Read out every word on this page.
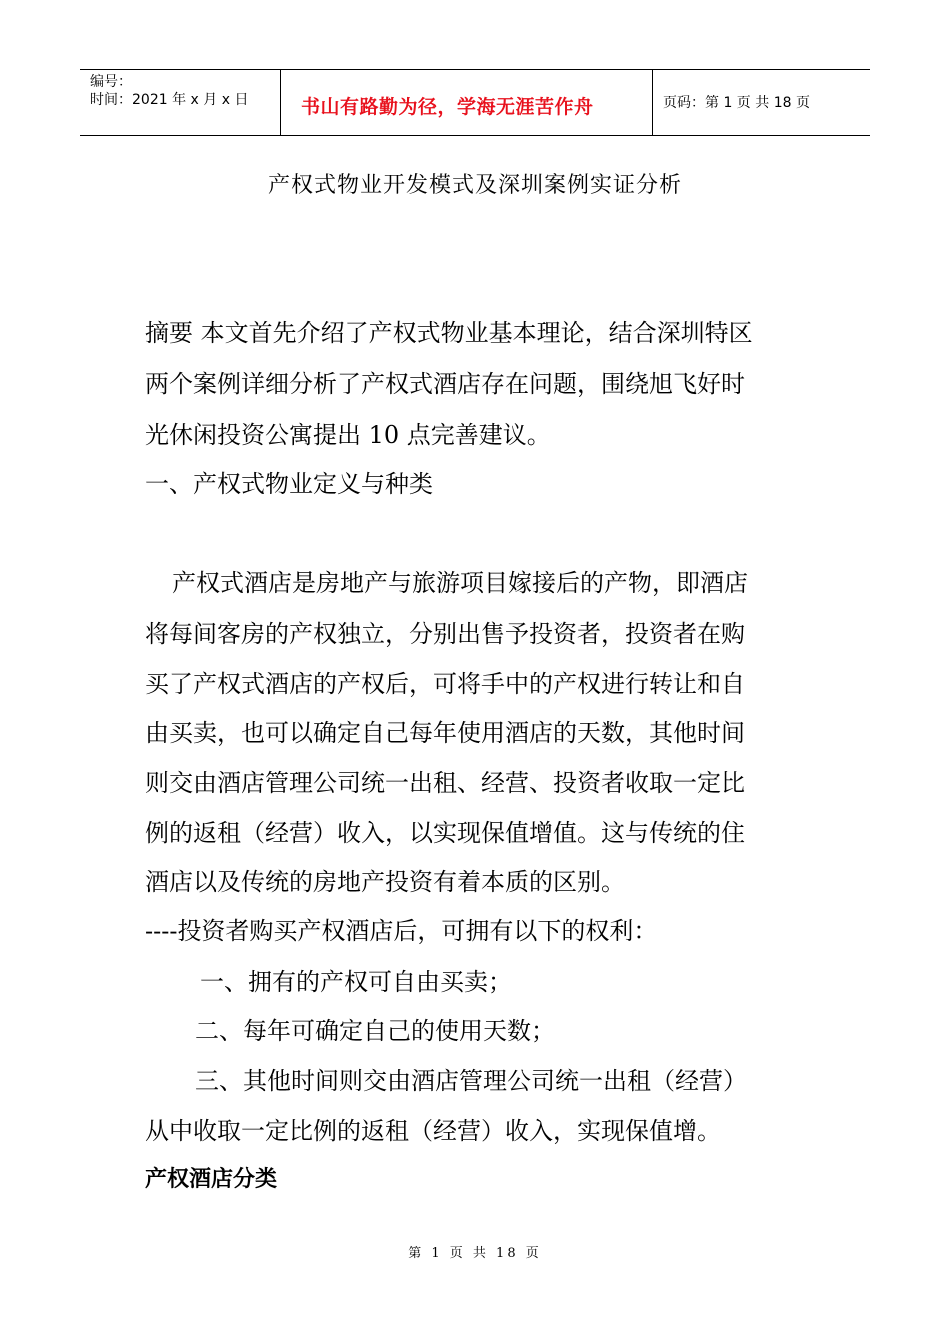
编号：
时间：2021 年 x 月 x 日	书山有路勤为径，学海无涯苦作舟	页码：第 1 页 共 18 页
产权式物业开发模式及深圳案例实证分析
摘要 本文首先介绍了产权式物业基本理论，结合深圳特区
两个案例详细分析了产权式酒店存在问题，围绕旭飞好时
光休闲投资公寓提出 10 点完善建议。
一、产权式物业定义与种类
产权式酒店是房地产与旅游项目嫁接后的产物，即酒店
将每间客房的产权独立，分别出售予投资者，投资者在购
买了产权式酒店的产权后，可将手中的产权进行转让和自
由买卖，也可以确定自己每年使用酒店的天数，其他时间
则交由酒店管理公司统一出租、经营、投资者收取一定比
例的返租（经营）收入，以实现保值增值。这与传统的住
酒店以及传统的房地产投资有着本质的区别。
----投资者购买产权酒店后，可拥有以下的权利：
一、拥有的产权可自由买卖；
二、每年可确定自己的使用天数；
三、其他时间则交由酒店管理公司统一出租（经营）
从中收取一定比例的返租（经营）收入，实现保值增。
产权酒店分类
第 1 页 共 18 页
